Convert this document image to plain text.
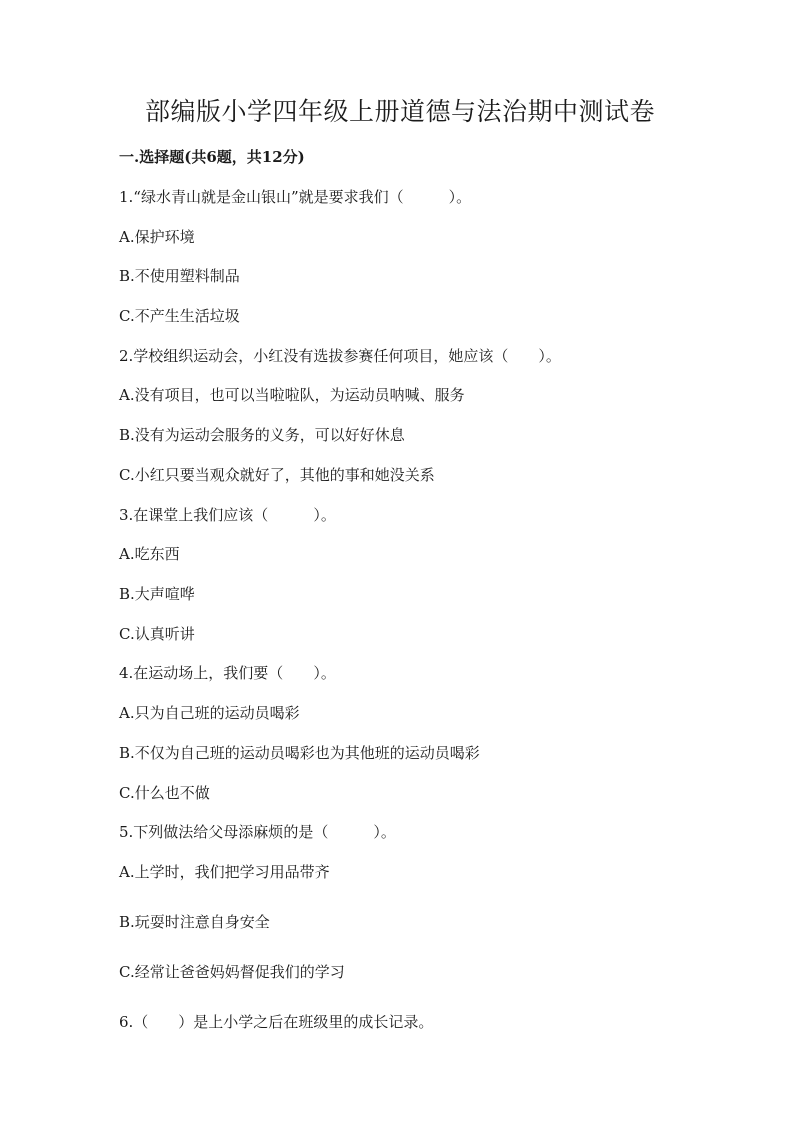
部编版小学四年级上册道德与法治期中测试卷
一.选择题(共6题，共12分)
1.“绿水青山就是金山银山”就是要求我们（　　　）。
A.保护环境
B.不使用塑料制品
C.不产生生活垃圾
2.学校组织运动会，小红没有选拔参赛任何项目，她应该（　　）。
A.没有项目，也可以当啦啦队，为运动员呐喊、服务
B.没有为运动会服务的义务，可以好好休息
C.小红只要当观众就好了，其他的事和她没关系
3.在课堂上我们应该（　　　）。
A.吃东西
B.大声喧哗
C.认真听讲
4.在运动场上，我们要（　　）。
A.只为自己班的运动员喝彩
B.不仅为自己班的运动员喝彩也为其他班的运动员喝彩
C.什么也不做
5.下列做法给父母添麻烦的是（　　　）。
A.上学时，我们把学习用品带齐
B.玩耍时注意自身安全
C.经常让爸爸妈妈督促我们的学习
6.（　　）是上小学之后在班级里的成长记录。
